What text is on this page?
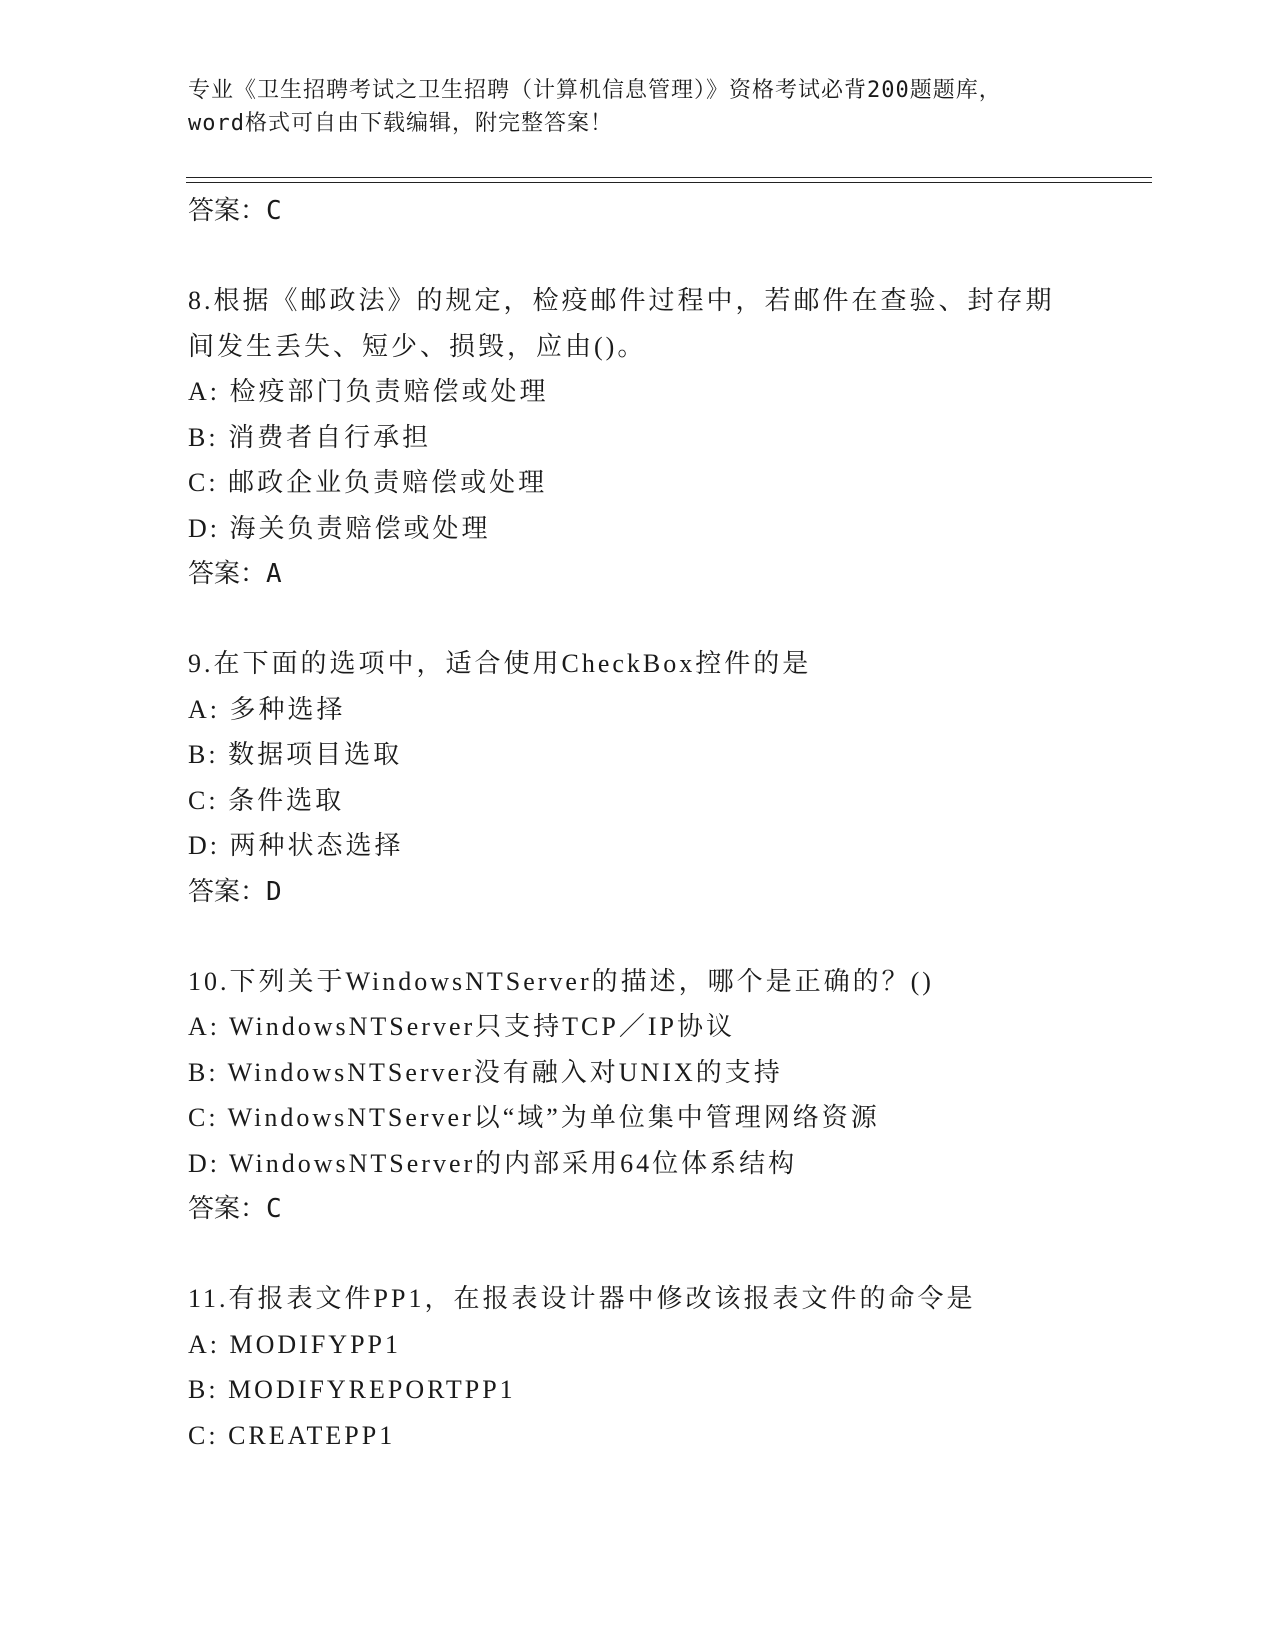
专业《卫生招聘考试之卫生招聘（计算机信息管理）》资格考试必背200题题库，
word格式可自由下载编辑，附完整答案！
答案：C
8.根据《邮政法》的规定，检疫邮件过程中，若邮件在查验、封存期
间发生丢失、短少、损毁，应由()。
A: 检疫部门负责赔偿或处理
B: 消费者自行承担
C: 邮政企业负责赔偿或处理
D: 海关负责赔偿或处理
答案：A
9.在下面的选项中，适合使用CheckBox控件的是
A: 多种选择
B: 数据项目选取
C: 条件选取
D: 两种状态选择
答案：D
10.下列关于WindowsNTServer的描述，哪个是正确的？()
A: WindowsNTServer只支持TCP／IP协议
B: WindowsNTServer没有融入对UNIX的支持
C: WindowsNTServer以“域”为单位集中管理网络资源
D: WindowsNTServer的内部采用64位体系结构
答案：C
11.有报表文件PP1，在报表设计器中修改该报表文件的命令是
A: MODIFYPP1
B: MODIFYREPORTPP1
C: CREATEPP1
